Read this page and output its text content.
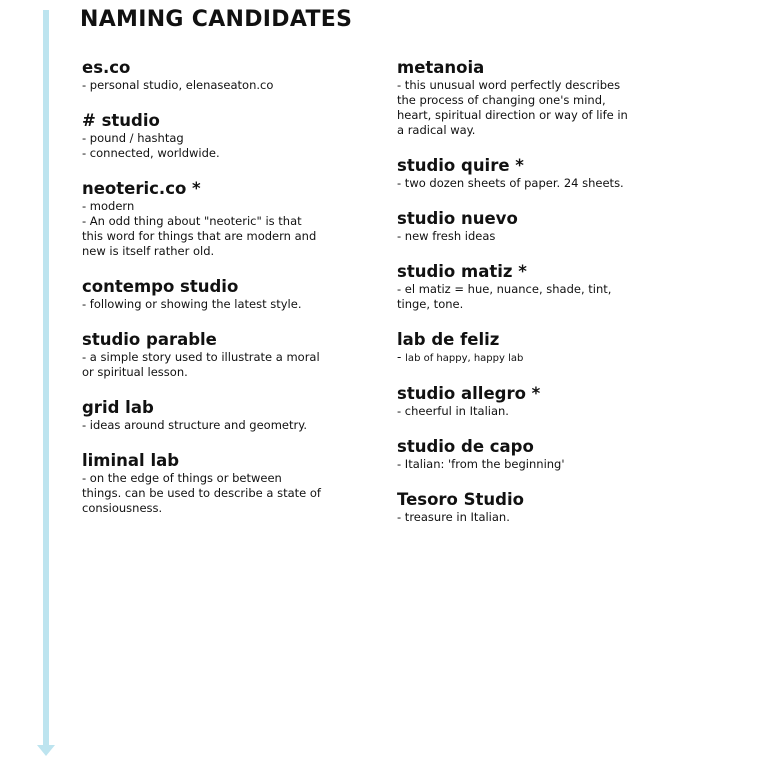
NAMING CANDIDATES
es.co
- personal studio, elenaseaton.co
# studio
- pound / hashtag
- connected, worldwide.
neoteric.co *
- modern
- An odd thing about "neoteric" is that this word for things that are modern and new is itself rather old.
contempo studio
- following or showing the latest style.
studio parable
- a simple story used to illustrate a moral or spiritual lesson.
grid lab
- ideas around structure and geometry.
liminal lab
- on the edge of things or between things. can be used to describe a state of consiousness.
metanoia
- this unusual word perfectly describes the process of changing one's mind, heart, spiritual direction or way of life in a radical way.
studio quire *
- two dozen sheets of paper. 24 sheets.
studio nuevo
- new fresh ideas
studio matiz *
- el matiz = hue, nuance, shade, tint, tinge, tone.
lab de feliz
- lab of happy, happy lab
studio allegro *
- cheerful in Italian.
studio de capo
- Italian: 'from the beginning'
Tesoro Studio
- treasure in Italian.
